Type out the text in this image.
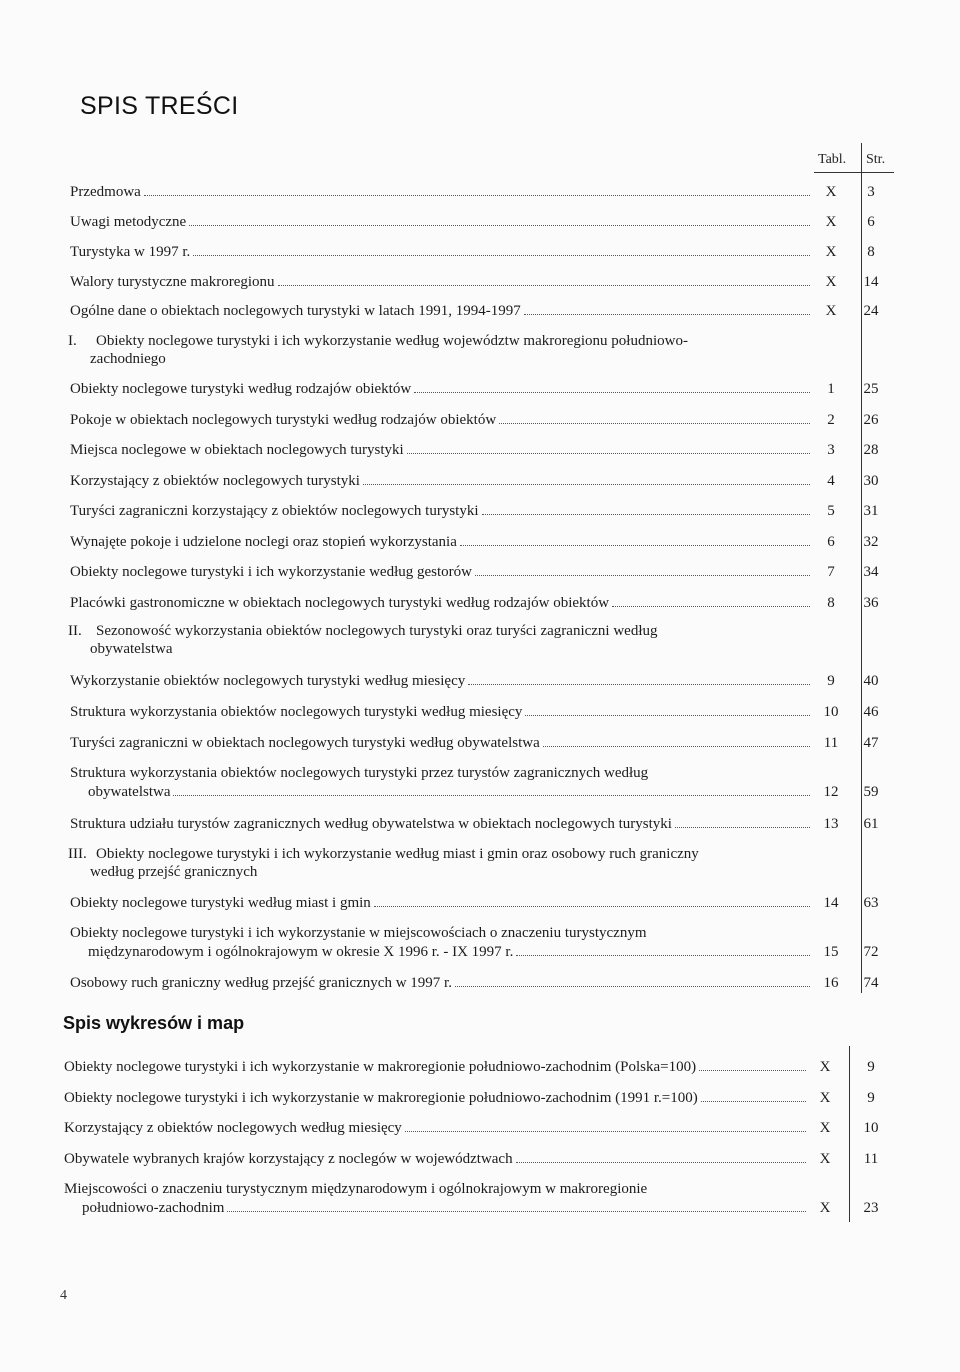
SPIS TREŚCI
Tabl. Str.
Przedmowa	X	3
Uwagi metodyczne	X	6
Turystyka w 1997 r.	X	8
Walory turystyczne makroregionu	X	14
Ogólne dane o obiektach noclegowych turystyki w latach 1991, 1994-1997	X	24
Obiekty noclegowe turystyki według rodzajów obiektów	1	25
Pokoje w obiektach noclegowych turystyki według rodzajów obiektów	2	26
Miejsca noclegowe w obiektach noclegowych turystyki	3	28
Korzystający z obiektów noclegowych turystyki	4	30
Turyści zagraniczni korzystający z obiektów noclegowych turystyki	5	31
Wynajęte pokoje i udzielone noclegi oraz stopień wykorzystania	6	32
Obiekty noclegowe turystyki i ich wykorzystanie według gestorów	7	34
Placówki gastronomiczne w obiektach noclegowych turystyki według rodzajów obiektów	8	36
Wykorzystanie obiektów noclegowych turystyki według miesięcy	9	40
Struktura wykorzystania obiektów noclegowych turystyki według miesięcy	10	46
Turyści zagraniczni w obiektach noclegowych turystyki według obywatelstwa	11	47
Struktura wykorzystania obiektów noclegowych turystyki przez turystów zagranicznych według
obywatelstwa	12	59
Struktura udziału turystów zagranicznych według obywatelstwa w obiektach noclegowych turystyki	13	61
Obiekty noclegowe turystyki według miast i gmin	14	63
Obiekty noclegowe turystyki i ich wykorzystanie w miejscowościach o znaczeniu turystycznym
międzynarodowym i ogólnokrajowym w okresie X 1996 r. - IX 1997 r.	15	72
Osobowy ruch graniczny według przejść granicznych w 1997 r.	16	74
I. Obiekty noclegowe turystyki i ich wykorzystanie według województw makroregionu południowo-
zachodniego
II. Sezonowość wykorzystania obiektów noclegowych turystyki oraz turyści zagraniczni według
obywatelstwa
III. Obiekty noclegowe turystyki i ich wykorzystanie według miast i gmin oraz osobowy ruch graniczny
według przejść granicznych
Spis wykresów i map
Obiekty noclegowe turystyki i ich wykorzystanie w makroregionie południowo-zachodnim (Polska=100)	X	9
Obiekty noclegowe turystyki i ich wykorzystanie w makroregionie południowo-zachodnim (1991 r.=100)	X	9
Korzystający z obiektów noclegowych według miesięcy	X	10
Obywatele wybranych krajów korzystający z noclegów w województwach	X	11
Miejscowości o znaczeniu turystycznym międzynarodowym i ogólnokrajowym w makroregionie
południowo-zachodnim	X	23
4
